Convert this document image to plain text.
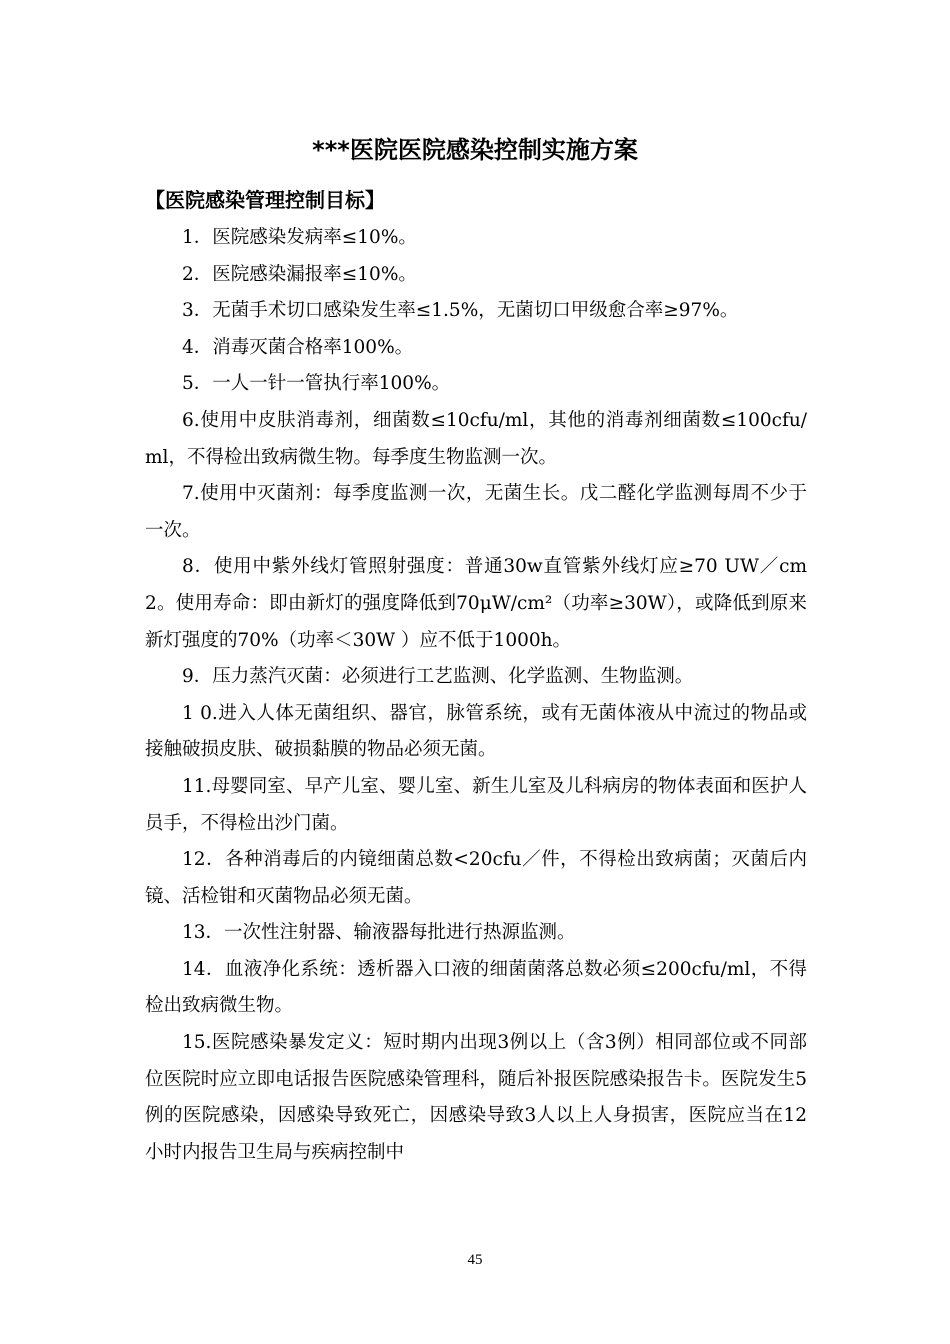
***医院医院感染控制实施方案
【医院感染管理控制目标】

1．医院感染发病率≤10%。

2．医院感染漏报率≤10%。

3．无菌手术切口感染发生率≤1.5%，无菌切口甲级愈合率≥97%。

4．消毒灭菌合格率100%。

5．一人一针一管执行率100%。

6.使用中皮肤消毒剂，细菌数≤10cfu/ml，其他的消毒剂细菌数≤100cfu/ml，不得检出致病微生物。每季度生物监测一次。

7.使用中灭菌剂：每季度监测一次，无菌生长。戊二醛化学监测每周不少于一次。

8．使用中紫外线灯管照射强度：普通30w直管紫外线灯应≥70 UW／cm2。使用寿命：即由新灯的强度降低到70μW/cm²（功率≥30W），或降低到原来新灯强度的70%（功率＜30W ）应不低于1000h。

9．压力蒸汽灭菌：必须进行工艺监测、化学监测、生物监测。

1 0.进入人体无菌组织、器官，脉管系统，或有无菌体液从中流过的物品或接触破损皮肤、破损黏膜的物品必须无菌。

11.母婴同室、早产儿室、婴儿室、新生儿室及儿科病房的物体表面和医护人员手，不得检出沙门菌。

12．各种消毒后的内镜细菌总数<20cfu／件，不得检出致病菌；灭菌后内镜、活检钳和灭菌物品必须无菌。

13．一次性注射器、输液器每批进行热源监测。

14．血液净化系统：透析器入口液的细菌菌落总数必须≤200cfu/ml，不得检出致病微生物。

15.医院感染暴发定义：短时期内出现3例以上（含3例）相同部位或不同部位医院时应立即电话报告医院感染管理科，随后补报医院感染报告卡。医院发生5例的医院感染，因感染导致死亡，因感染导致3人以上人身损害，医院应当在12小时内报告卫生局与疾病控制中

45
